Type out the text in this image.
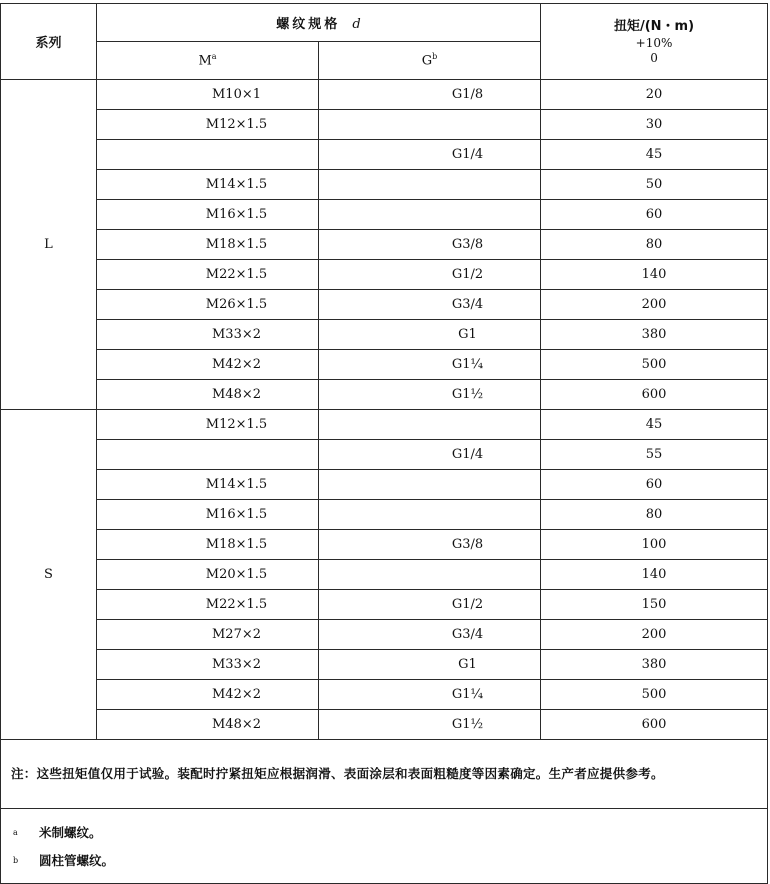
系列	螺纹规格 d		扭矩/(N・m)
+10%
0

	$M^a$	$G^b$
L	M10×1	G1/8	20
	M12×1.5		30
		G1/4	45
	M14×1.5		50
	M16×1.5		60
	M18×1.5	G3/8	80
	M22×1.5	G1/2	140
	M26×1.5	G3/4	200
	M33×2	G1	380
	M42×2	G1¼	500
	M48×2	G1½	600
S	M12×1.5		45
		G1/4	55
	M14×1.5		60
	M16×1.5		80
	M18×1.5	G3/8	100
	M20×1.5		140
	M22×1.5	G1/2	150
	M27×2	G3/4	200
	M33×2	G1	380
	M42×2	G1¼	500
	M48×2	G1½	600

注：这些扭矩值仅用于试验。装配时拧紧扭矩应根据润滑、表面涂层和表面粗糙度等因素确定。生产者应提供参考。			

a 米制螺纹。
b 圆柱管螺纹。			
